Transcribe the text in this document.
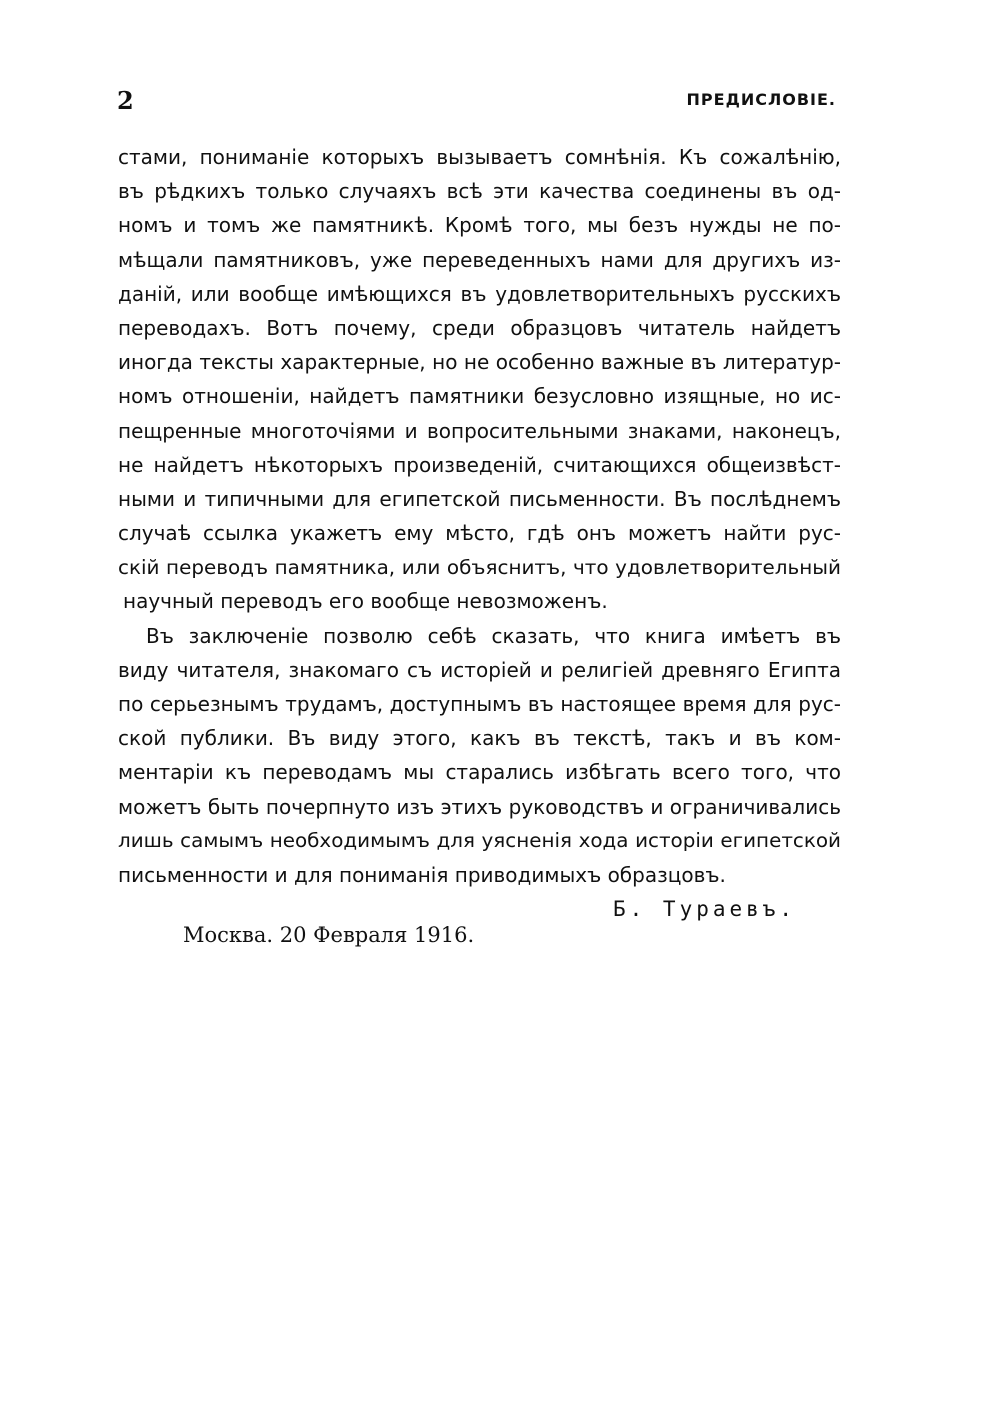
2	ПРЕДИСЛОВІЕ.
стами, пониманіе которыхъ вызываетъ сомнѣнія. Къ сожалѣнію,
въ рѣдкихъ только случаяхъ всѣ эти качества соединены въ од-
номъ и томъ же памятникѣ. Кромѣ того, мы безъ нужды не по-
мѣщали памятниковъ, уже переведенныхъ нами для другихъ из-
даній, или вообще имѣющихся въ удовлетворительныхъ русскихъ
переводахъ. Вотъ почему, среди образцовъ читатель найдетъ
иногда тексты характерные, но не особенно важные въ литератур-
номъ отношеніи, найдетъ памятники безусловно изящные, но ис-
пещренные многоточіями и вопросительными знаками, наконецъ,
не найдетъ нѣкоторыхъ произведеній, считающихся общеизвѣст-
ными и типичными для египетской письменности. Въ послѣднемъ
случаѣ ссылка укажетъ ему мѣсто, гдѣ онъ можетъ найти рус-
скій переводъ памятника, или объяснитъ, что удовлетворительный
научный переводъ его вообще невозможенъ.
Въ заключеніе позволю себѣ сказать, что книга имѣетъ въ
виду читателя, знакомаго съ исторіей и религіей древняго Египта
по серьезнымъ трудамъ, доступнымъ въ настоящее время для рус-
ской публики. Въ виду этого, какъ въ текстѣ, такъ и въ ком-
ментаріи къ переводамъ мы старались избѣгать всего того, что
можетъ быть почерпнуто изъ этихъ руководствъ и ограничивались
лишь самымъ необходимымъ для уясненія хода исторіи египетской
письменности и для пониманія приводимыхъ образцовъ.
Б. Тураевъ.
Москва. 20 Февраля 1916.
